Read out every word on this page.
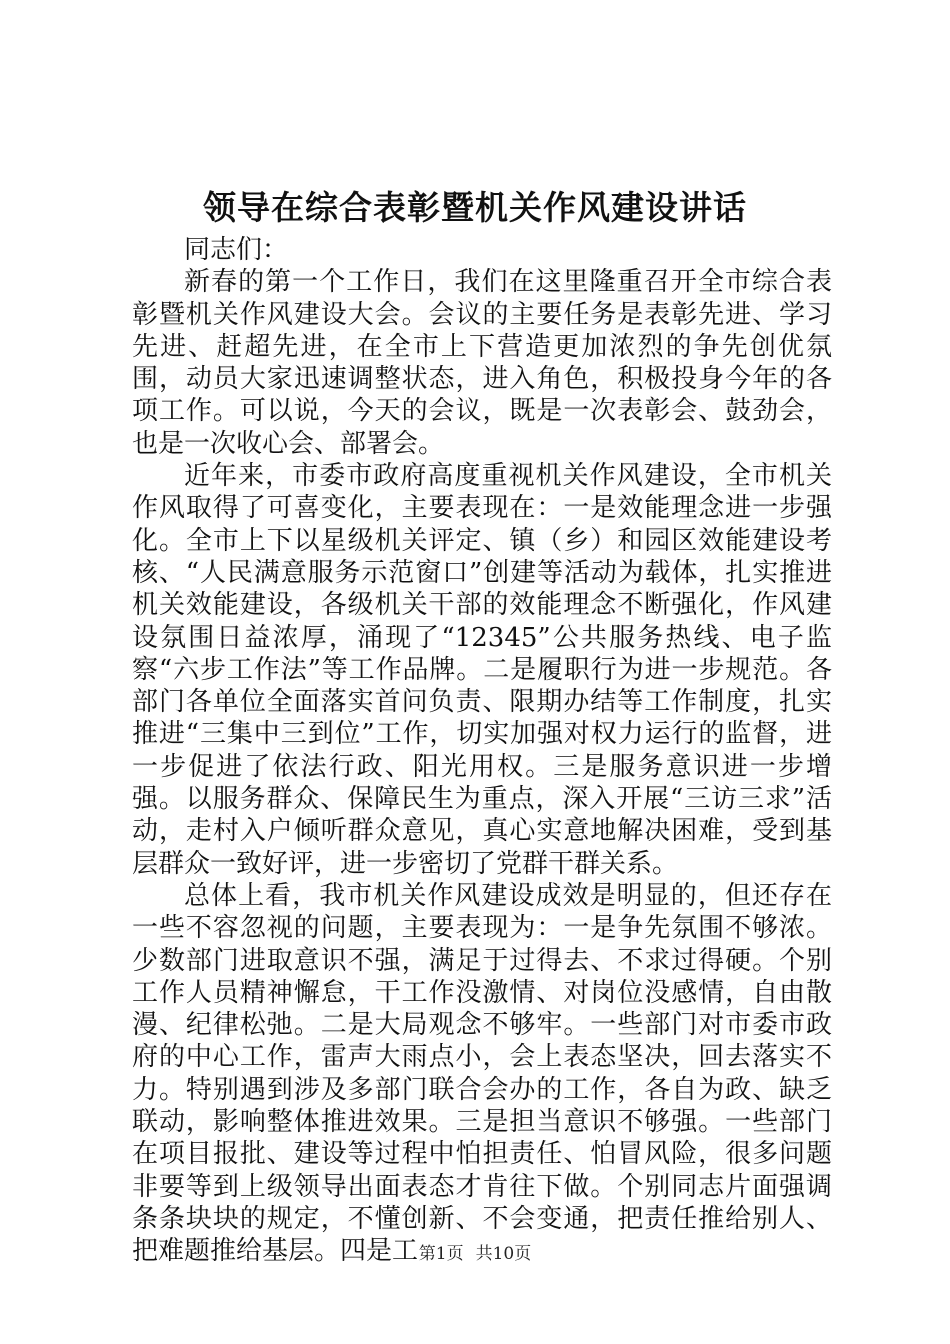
领导在综合表彰暨机关作风建设讲话

同志们：

新春的第一个工作日，我们在这里隆重召开全市综合表彰暨机关作风建设大会。会议的主要任务是表彰先进、学习先进、赶超先进，在全市上下营造更加浓烈的争先创优氛围，动员大家迅速调整状态，进入角色，积极投身今年的各项工作。可以说，今天的会议，既是一次表彰会、鼓劲会，也是一次收心会、部署会。

近年来，市委市政府高度重视机关作风建设，全市机关作风取得了可喜变化，主要表现在：一是效能理念进一步强化。全市上下以星级机关评定、镇（乡）和园区效能建设考核、“人民满意服务示范窗口”创建等活动为载体，扎实推进机关效能建设，各级机关干部的效能理念不断强化，作风建设氛围日益浓厚，涌现了“12345”公共服务热线、电子监察“六步工作法”等工作品牌。二是履职行为进一步规范。各部门各单位全面落实首问负责、限期办结等工作制度，扎实推进“三集中三到位”工作，切实加强对权力运行的监督，进一步促进了依法行政、阳光用权。三是服务意识进一步增强。以服务群众、保障民生为重点，深入开展“三访三求”活动，走村入户倾听群众意见，真心实意地解决困难，受到基层群众一致好评，进一步密切了党群干群关系。

总体上看，我市机关作风建设成效是明显的，但还存在一些不容忽视的问题，主要表现为：一是争先氛围不够浓。少数部门进取意识不强，满足于过得去、不求过得硬。个别工作人员精神懈怠，干工作没激情、对岗位没感情，自由散漫、纪律松弛。二是大局观念不够牢。一些部门对市委市政府的中心工作，雷声大雨点小，会上表态坚决，回去落实不力。特别遇到涉及多部门联合会办的工作，各自为政、缺乏联动，影响整体推进效果。三是担当意识不够强。一些部门在项目报批、建设等过程中怕担责任、怕冒风险，很多问题非要等到上级领导出面表态才肯往下做。个别同志片面强调条条块块的规定，不懂创新、不会变通，把责任推给别人、把难题推给基层。四是工 第1页 共10页
